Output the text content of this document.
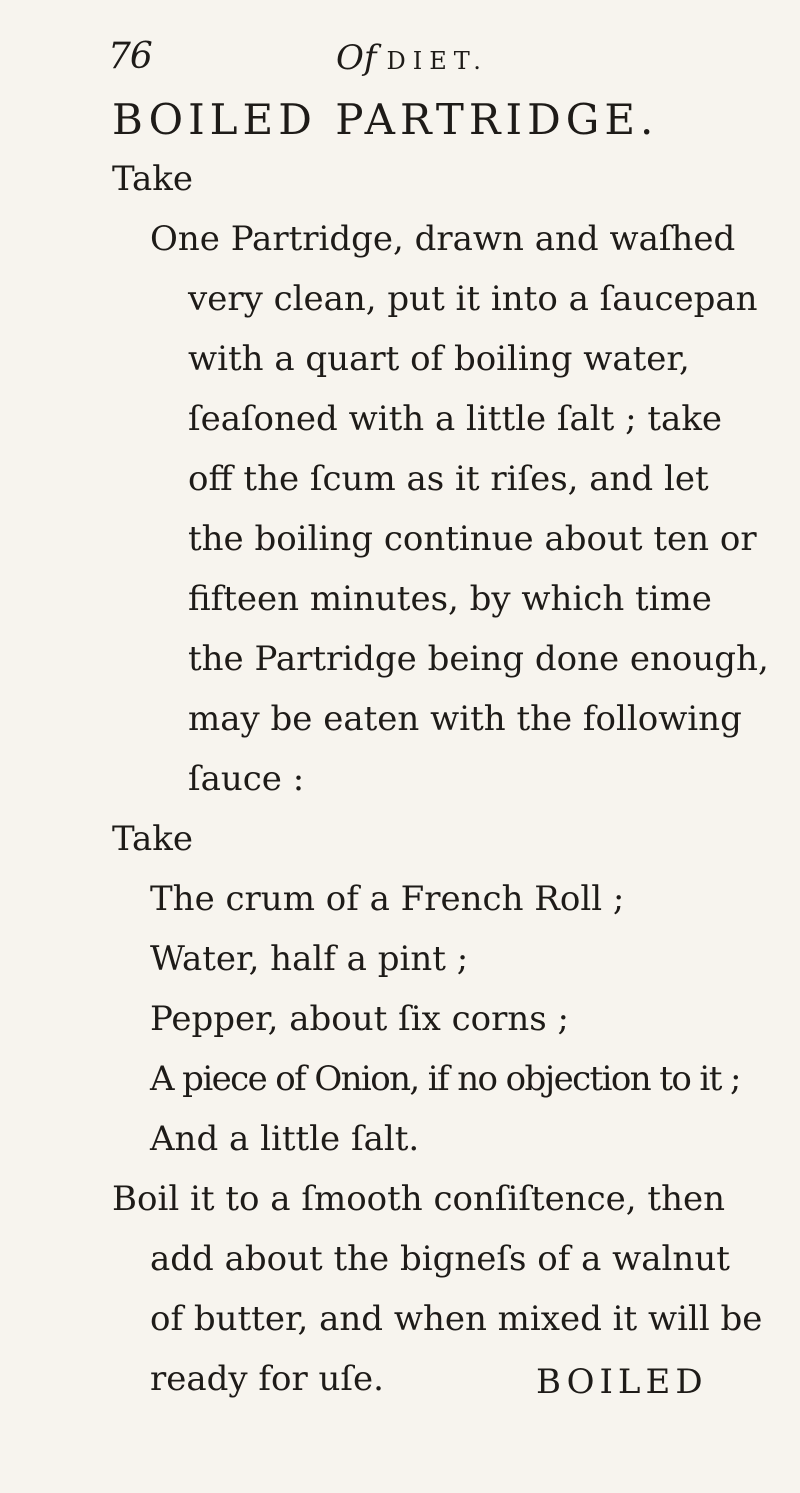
76	Of DIET.
BOILED PARTRIDGE.
Take
One Partridge, drawn and waſhed
very clean, put it into a ſaucepan
with a quart of boiling water,
ſeaſoned with a little ſalt ; take
off the ſcum as it riſes, and let
the boiling continue about ten or
fifteen minutes, by which time
the Partridge being done enough,
may be eaten with the following
ſauce :
Take
The crum of a French Roll ;
Water, half a pint ;
Pepper, about ſix corns ;
A piece of Onion, if no objection to it ;
And a little ſalt.
Boil it to a ſmooth conſiſtence, then
add about the bigneſs of a walnut
of butter, and when mixed it will be
ready for uſe.	BOILED
